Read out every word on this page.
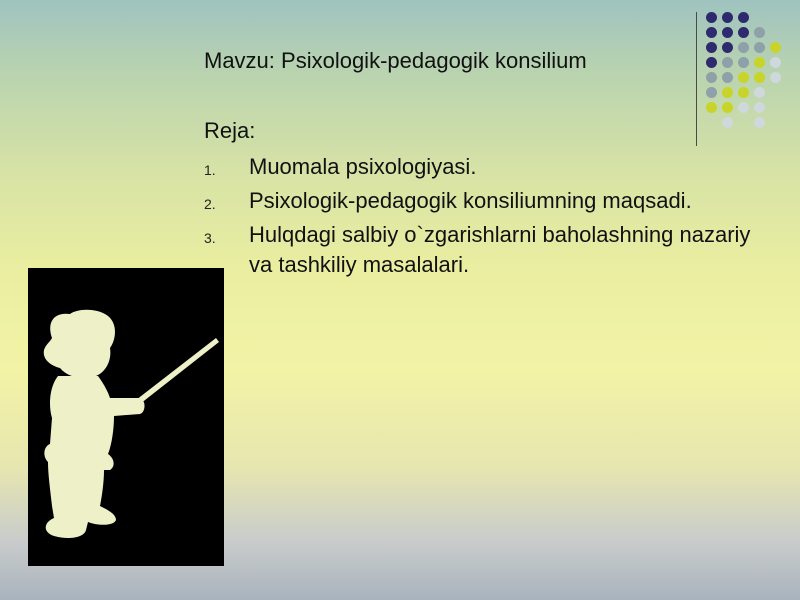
Mavzu: Psixologik-pedagogik konsilium
Reja:
1. Muomala psixologiyasi.
2. Psixologik-pedagogik konsiliumning maqsadi.
3. Hulqdagi salbiy o`zgarishlarni baholashning nazariy va tashkiliy masalalari.
